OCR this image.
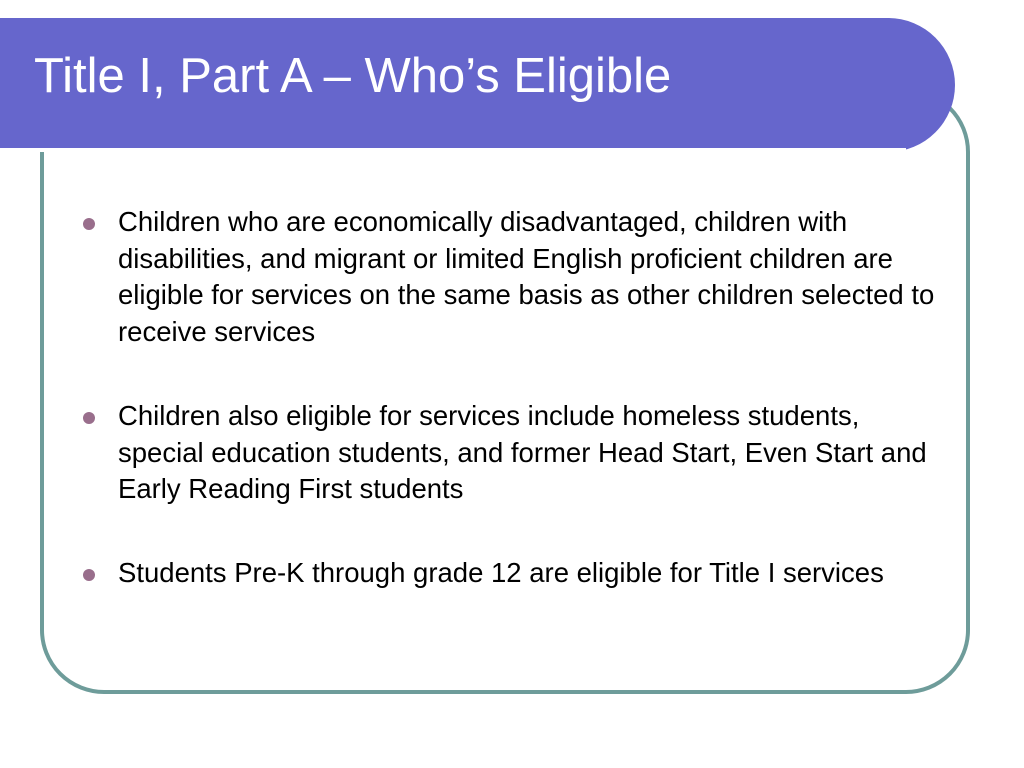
Title I, Part A – Who’s Eligible
Children who are economically disadvantaged, children with disabilities, and migrant or limited English proficient children are eligible for services on the same basis as other children selected to receive services
Children also eligible for services include homeless students, special education students, and former Head Start, Even Start and Early Reading First students
Students Pre-K through grade 12 are eligible for Title I services
